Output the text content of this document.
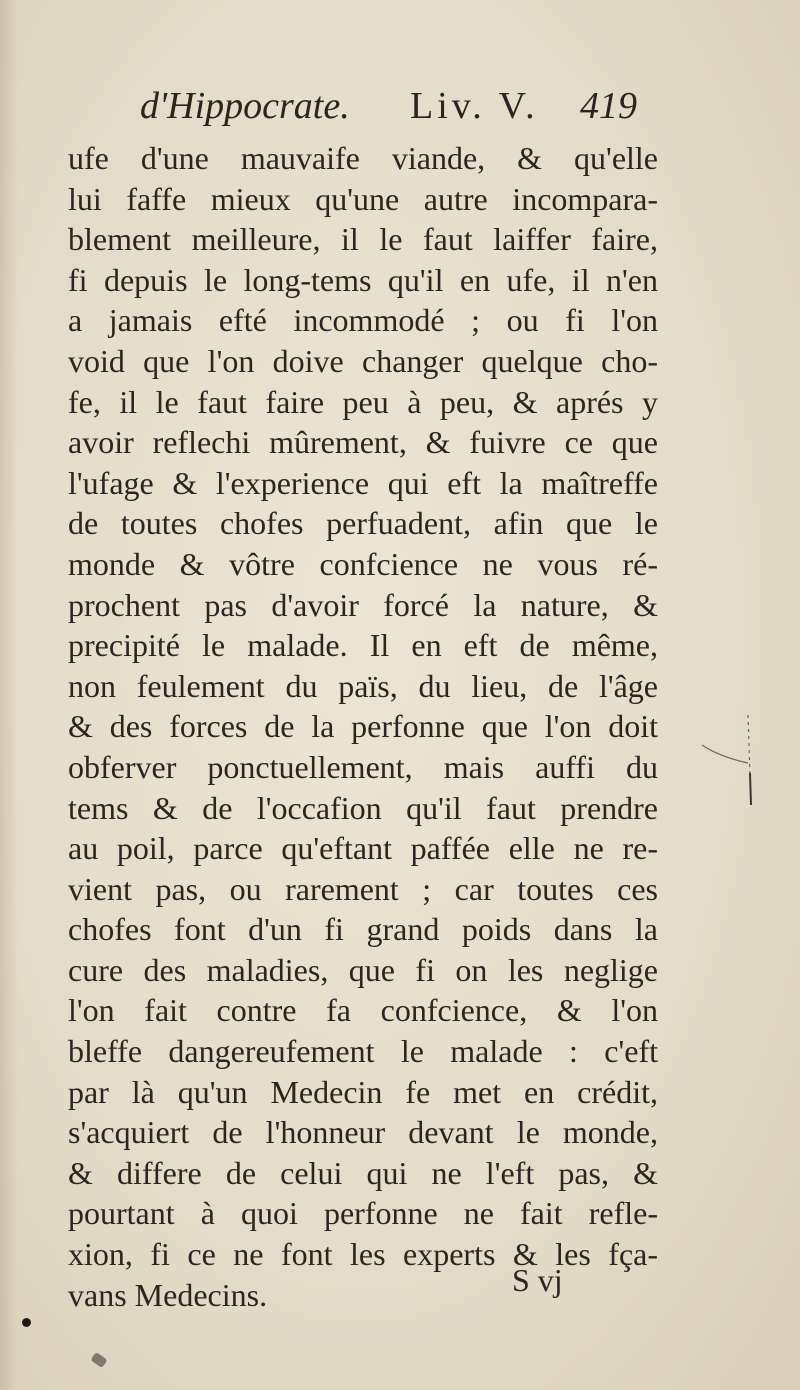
d'Hippocrate. Liv. V. 419
ufe d'une mauvaife viande, & qu'elle
lui faffe mieux qu'une autre incompara-
blement meilleure, il le faut laiffer faire,
fi depuis le long-tems qu'il en ufe, il n'en
a jamais efté incommodé ; ou fi l'on
void que l'on doive changer quelque cho-
fe, il le faut faire peu à peu, & aprés y
avoir reflechi mûrement, & fuivre ce que
l'ufage & l'experience qui eft la maîtreffe
de toutes chofes perfuadent, afin que le
monde & vôtre confcience ne vous ré-
prochent pas d'avoir forcé la nature, &
precipité le malade. Il en eft de même,
non feulement du païs, du lieu, de l'âge
& des forces de la perfonne que l'on doit
obferver ponctuellement, mais auffi du
tems & de l'occafion qu'il faut prendre
au poil, parce qu'eftant paffée elle ne re-
vient pas, ou rarement ; car toutes ces
chofes font d'un fi grand poids dans la
cure des maladies, que fi on les neglige
l'on fait contre fa confcience, & l'on
bleffe dangereufement le malade : c'eft
par là qu'un Medecin fe met en crédit,
s'acquiert de l'honneur devant le monde,
& differe de celui qui ne l'eft pas, &
pourtant à quoi perfonne ne fait refle-
xion, fi ce ne font les experts & les fça-
vans Medecins.	S vj
